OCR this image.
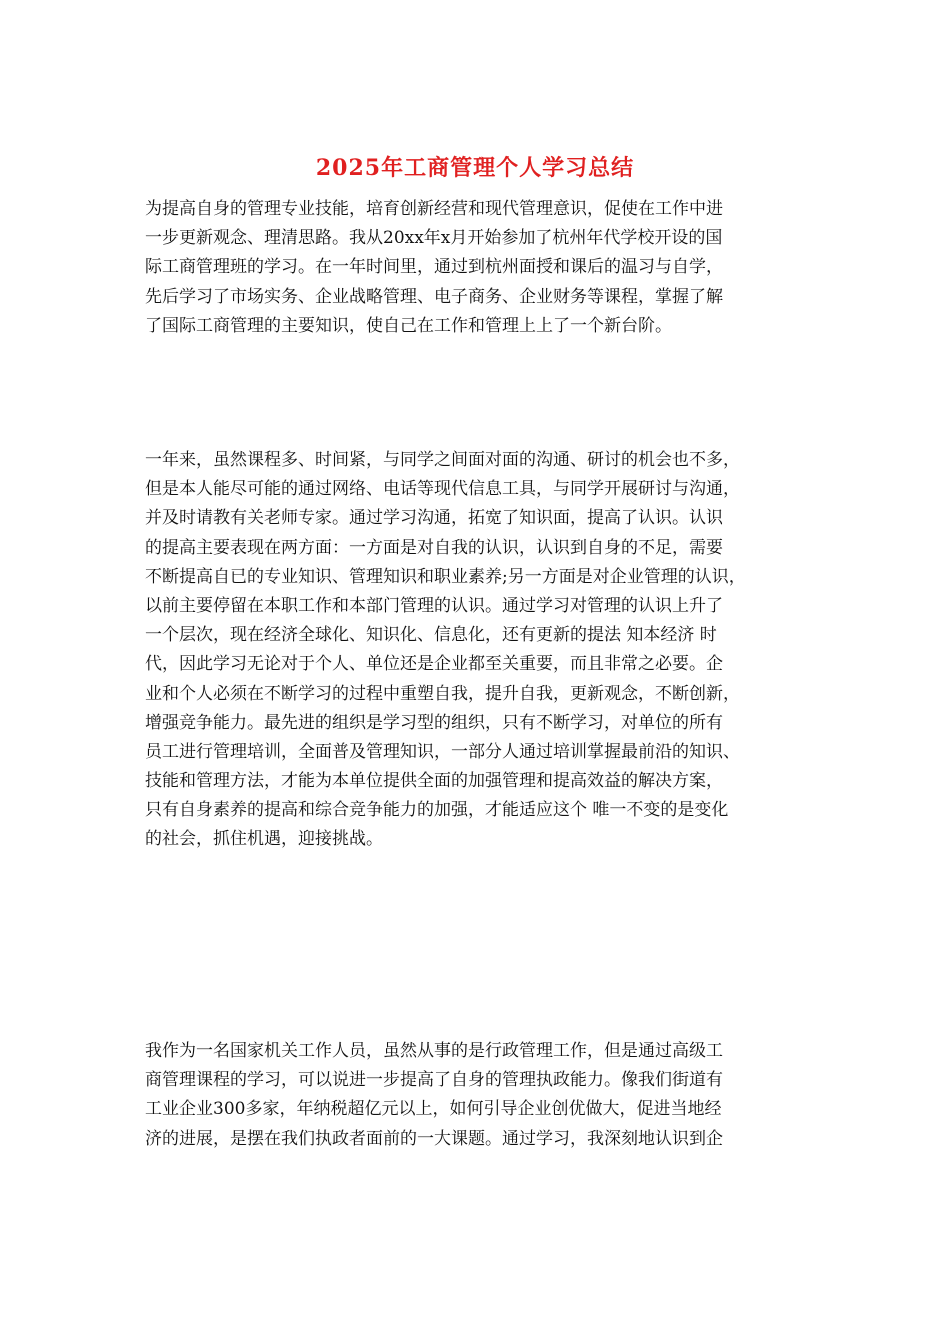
2025年工商管理个人学习总结
为提高自身的管理专业技能，培育创新经营和现代管理意识，促使在工作中进
一步更新观念、理清思路。我从20xx年x月开始参加了杭州年代学校开设的国
际工商管理班的学习。在一年时间里，通过到杭州面授和课后的温习与自学，
先后学习了市场实务、企业战略管理、电子商务、企业财务等课程，掌握了解
了国际工商管理的主要知识，使自己在工作和管理上上了一个新台阶。
一年来，虽然课程多、时间紧，与同学之间面对面的沟通、研讨的机会也不多，
但是本人能尽可能的通过网络、电话等现代信息工具，与同学开展研讨与沟通，
并及时请教有关老师专家。通过学习沟通，拓宽了知识面，提高了认识。认识
的提高主要表现在两方面：一方面是对自我的认识，认识到自身的不足，需要
不断提高自已的专业知识、管理知识和职业素养;另一方面是对企业管理的认识，
以前主要停留在本职工作和本部门管理的认识。通过学习对管理的认识上升了
一个层次，现在经济全球化、知识化、信息化，还有更新的提法 知本经济 时
代，因此学习无论对于个人、单位还是企业都至关重要，而且非常之必要。企
业和个人必须在不断学习的过程中重塑自我，提升自我，更新观念，不断创新，
增强竞争能力。最先进的组织是学习型的组织，只有不断学习，对单位的所有
员工进行管理培训，全面普及管理知识，一部分人通过培训掌握最前沿的知识、
技能和管理方法，才能为本单位提供全面的加强管理和提高效益的解决方案，
只有自身素养的提高和综合竞争能力的加强，才能适应这个 唯一不变的是变化
的社会，抓住机遇，迎接挑战。
我作为一名国家机关工作人员，虽然从事的是行政管理工作，但是通过高级工
商管理课程的学习，可以说进一步提高了自身的管理执政能力。像我们街道有
工业企业300多家，年纳税超亿元以上，如何引导企业创优做大，促进当地经
济的进展，是摆在我们执政者面前的一大课题。通过学习，我深刻地认识到企
